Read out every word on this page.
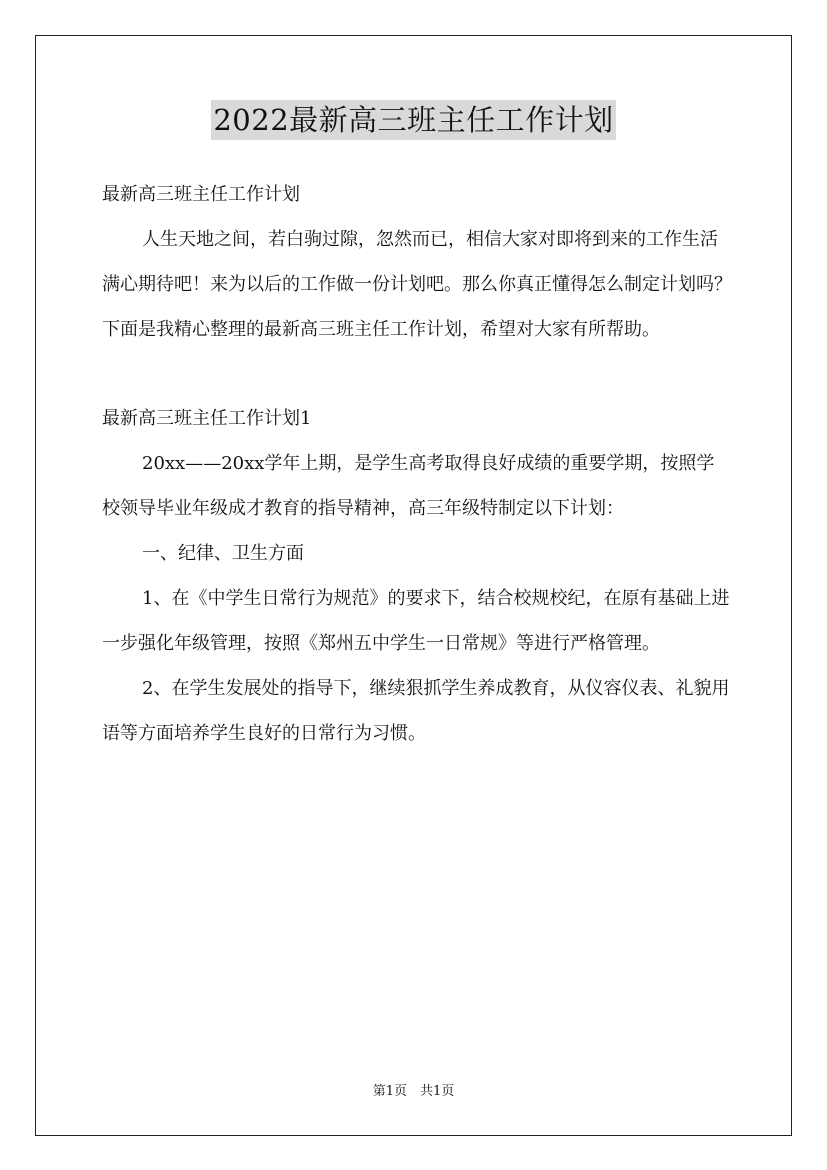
2022最新高三班主任工作计划

最新高三班主任工作计划

人生天地之间，若白驹过隙，忽然而已，相信大家对即将到来的工作生活满心期待吧！来为以后的工作做一份计划吧。那么你真正懂得怎么制定计划吗？下面是我精心整理的最新高三班主任工作计划，希望对大家有所帮助。

最新高三班主任工作计划1

20xx——20xx学年上期，是学生高考取得良好成绩的重要学期，按照学校领导毕业年级成才教育的指导精神，高三年级特制定以下计划：

一、纪律、卫生方面

1、在《中学生日常行为规范》的要求下，结合校规校纪，在原有基础上进一步强化年级管理，按照《郑州五中学生一日常规》等进行严格管理。

2、在学生发展处的指导下，继续狠抓学生养成教育，从仪容仪表、礼貌用语等方面培养学生良好的日常行为习惯。

第1页　共1页
